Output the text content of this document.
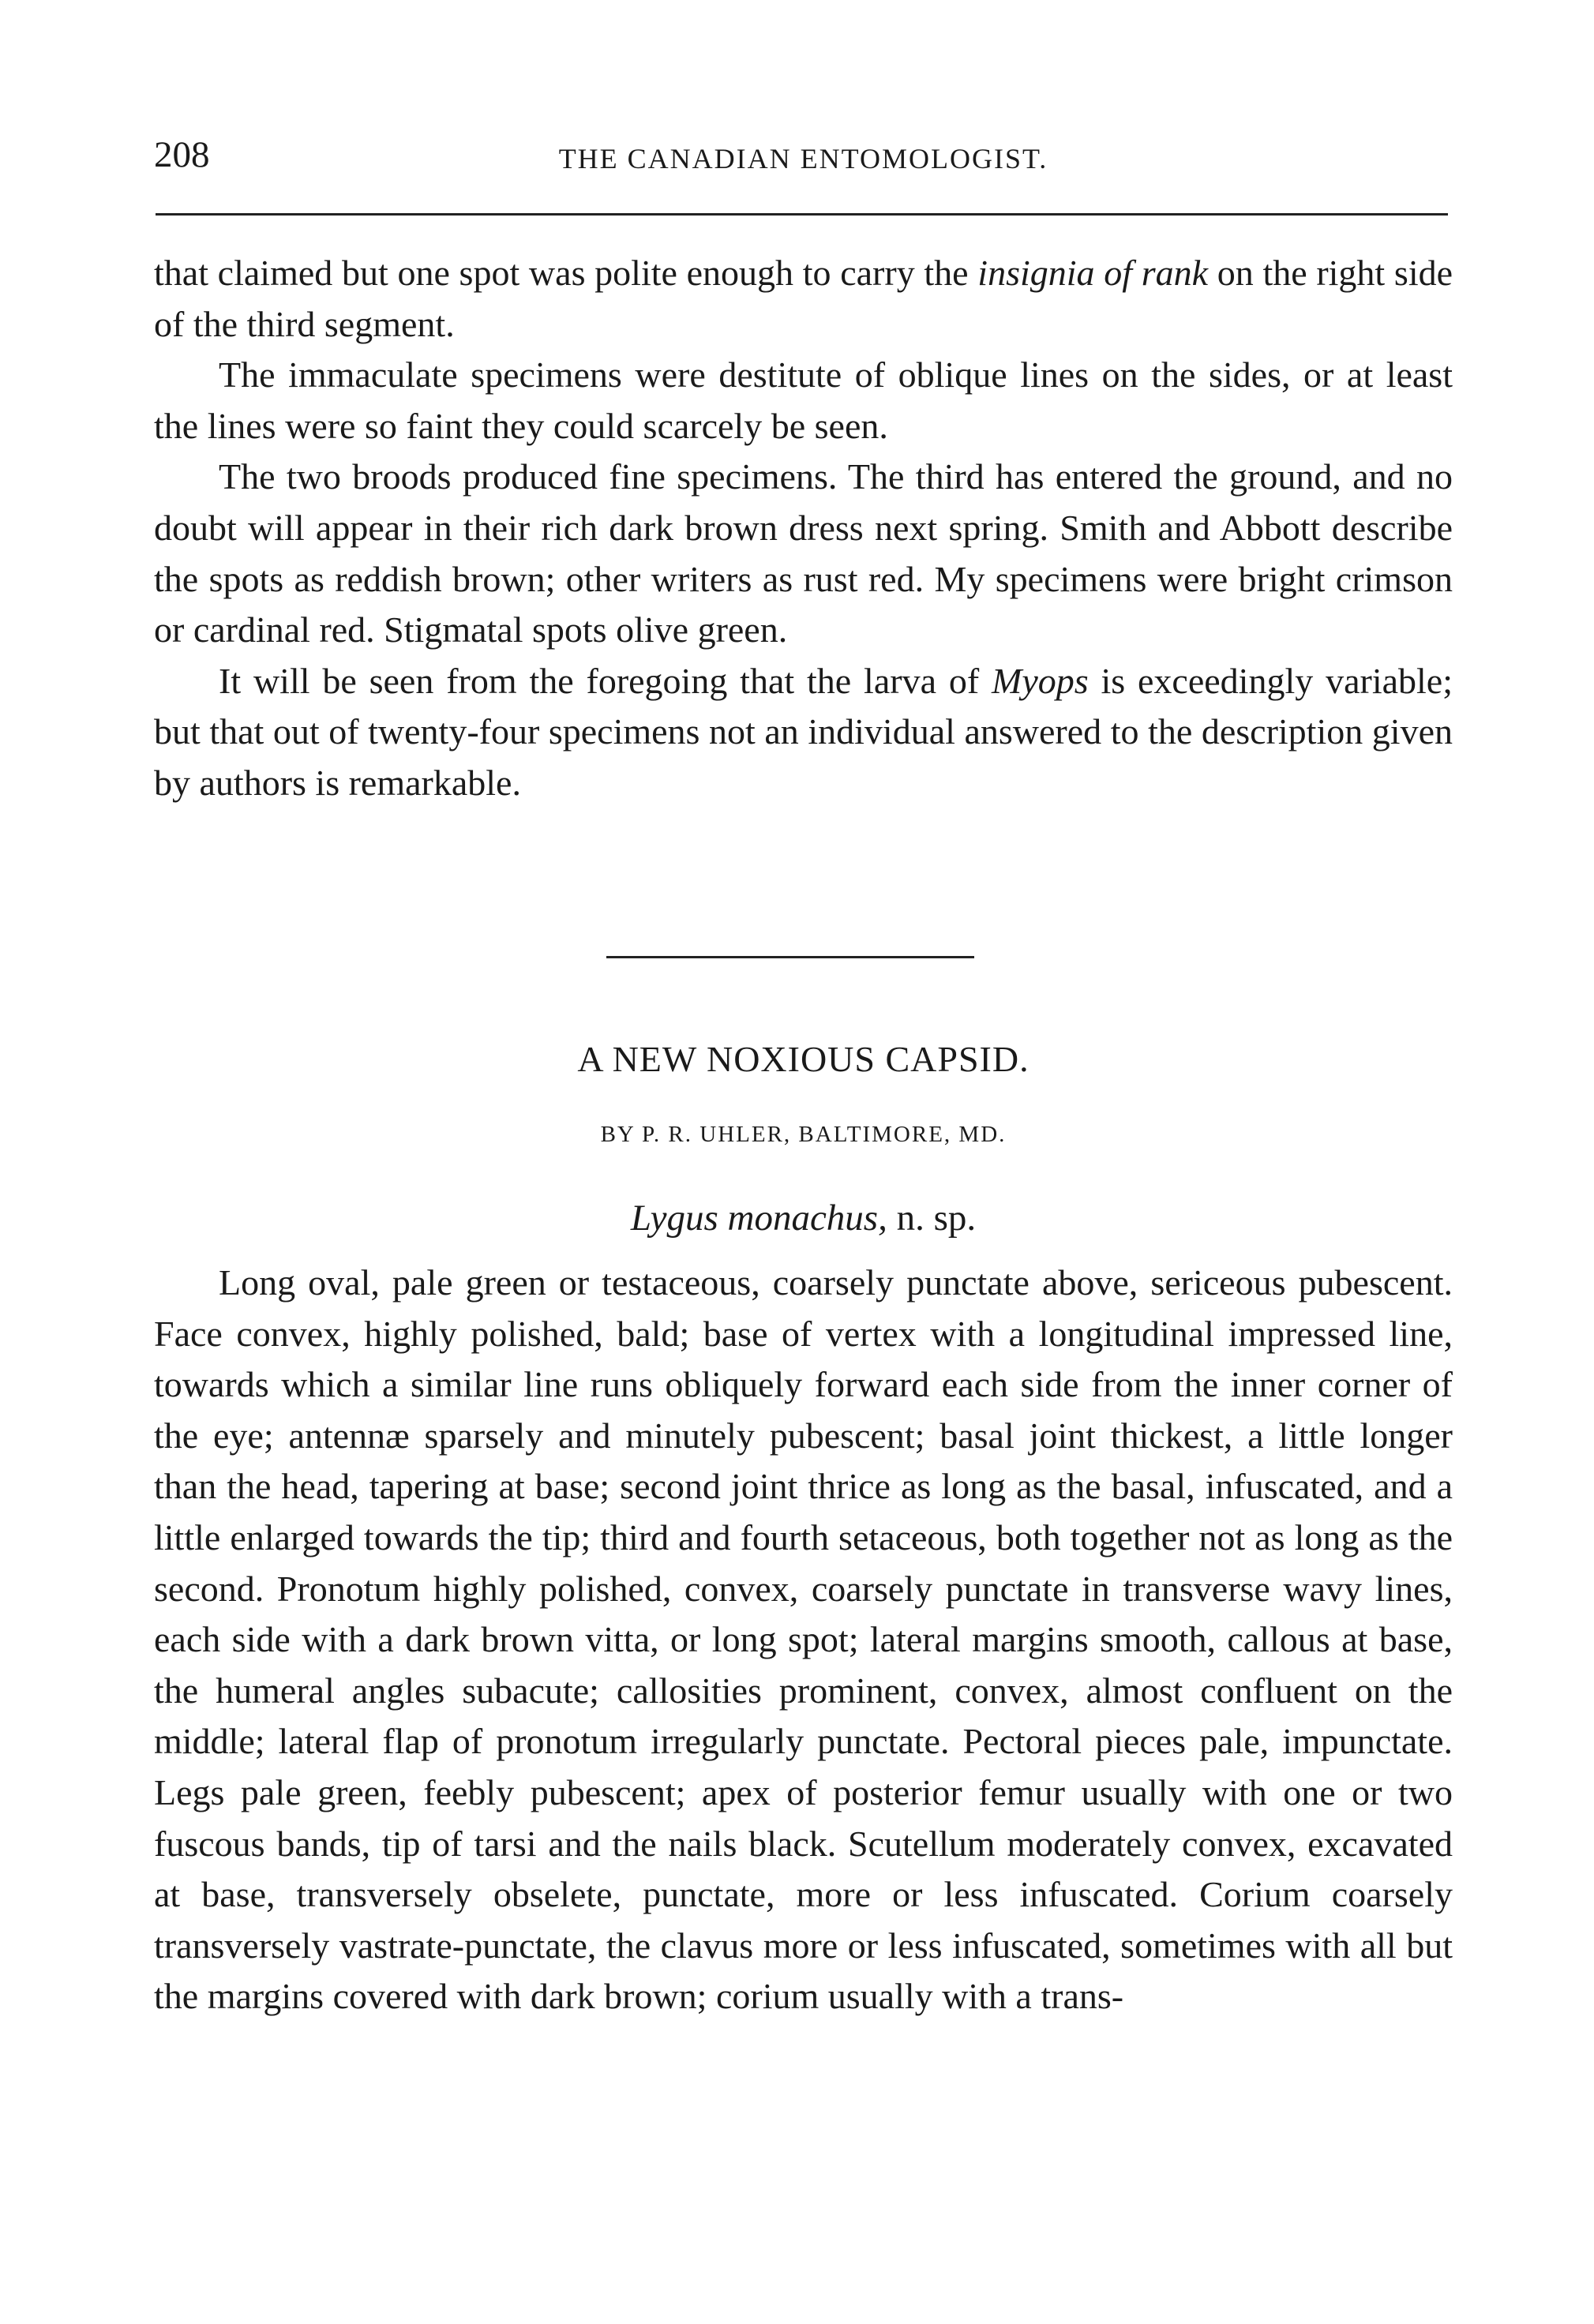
208	THE CANADIAN ENTOMOLOGIST.

that claimed but one spot was polite enough to carry the insignia of rank on the right side of the third segment.

The immaculate specimens were destitute of oblique lines on the sides, or at least the lines were so faint they could scarcely be seen.

The two broods produced fine specimens. The third has entered the ground, and no doubt will appear in their rich dark brown dress next spring. Smith and Abbott describe the spots as reddish brown; other writers as rust red. My specimens were bright crimson or cardinal red. Stigmatal spots olive green.

It will be seen from the foregoing that the larva of Myops is exceedingly variable; but that out of twenty-four specimens not an individual answered to the description given by authors is remarkable.

A NEW NOXIOUS CAPSID.
BY P. R. UHLER, BALTIMORE, MD.
Lygus monachus, n. sp.

Long oval, pale green or testaceous, coarsely punctate above, sericeous pubescent. Face convex, highly polished, bald; base of vertex with a longitudinal impressed line, towards which a similar line runs obliquely forward each side from the inner corner of the eye; antennæ sparsely and minutely pubescent; basal joint thickest, a little longer than the head, tapering at base; second joint thrice as long as the basal, infuscated, and a little enlarged towards the tip; third and fourth setaceous, both together not as long as the second. Pronotum highly polished, convex, coarsely punctate in transverse wavy lines, each side with a dark brown vitta, or long spot; lateral margins smooth, callous at base, the humeral angles subacute; callosities prominent, convex, almost confluent on the middle; lateral flap of pronotum irregularly punctate. Pectoral pieces pale, impunctate. Legs pale green, feebly pubescent; apex of posterior femur usually with one or two fuscous bands, tip of tarsi and the nails black. Scutellum moderately convex, excavated at base, transversely obselete, punctate, more or less infuscated. Corium coarsely transversely vastrate-punctate, the clavus more or less infuscated, sometimes with all but the margins covered with dark brown; corium usually with a trans-
